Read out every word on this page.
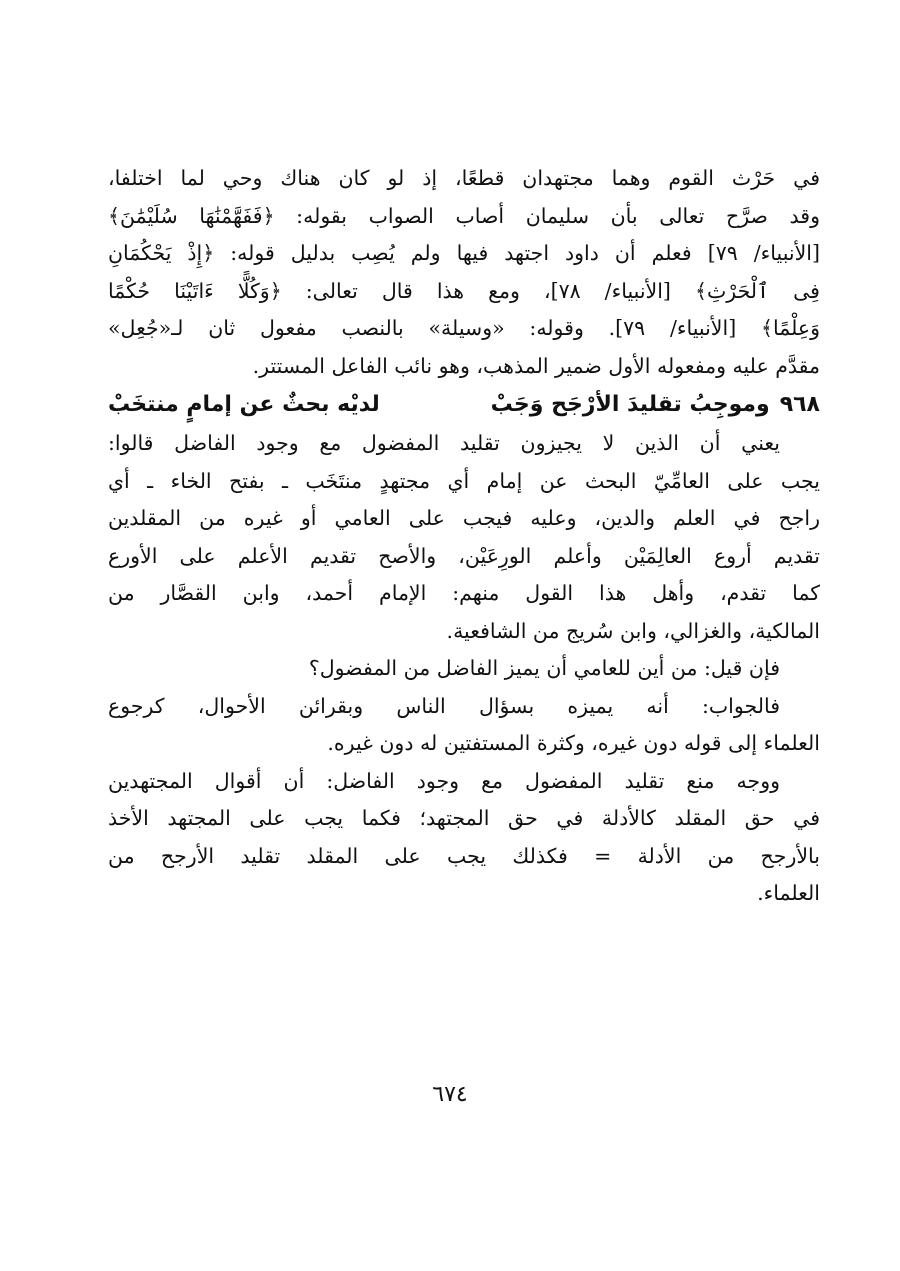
في حَرْث القوم وهما مجتهدان قطعًا، إذ لو كان هناك وحي لما اختلفا،
وقد صرَّح تعالى بأن سليمان أصاب الصواب بقوله: ﴿فَفَهَّمْنَٰهَا سُلَيْمَٰنَ﴾
[الأنبياء/ ٧٩] فعلم أن داود اجتهد فيها ولم يُصِب بدليل قوله: ﴿إِذْ يَحْكُمَانِ
فِى ٱلْحَرْثِ﴾ [الأنبياء/ ٧٨]، ومع هذا قال تعالى: ﴿وَكُلًّا ءَاتَيْنَا حُكْمًا
وَعِلْمًا﴾ [الأنبياء/ ٧٩]. وقوله: «وسيلة» بالنصب مفعول ثان لـ«جُعِل»
مقدَّم عليه ومفعوله الأول ضمير المذهب، وهو نائب الفاعل المستتر.
٩٦٨وموجِبُ تقليدَ الأرْجَح وَجَبْ
لديْه بحثٌ عن إمامٍ منتخَبْ
يعني أن الذين لا يجيزون تقليد المفضول مع وجود الفاضل قالوا:
يجب على العامِّيّ البحث عن إمام أي مجتهدٍ منتَخَب ـ بفتح الخاء ـ أي
راجح في العلم والدين، وعليه فيجب على العامي أو غيره من المقلدين
تقديم أروع العالِمَيْن وأعلم الورِعَيْن، والأصح تقديم الأعلم على الأورع
كما تقدم، وأهل هذا القول منهم: الإمام أحمد، وابن القصَّار من
المالكية، والغزالي، وابن سُريج من الشافعية.
فإن قيل: من أين للعامي أن يميز الفاضل من المفضول؟
فالجواب: أنه يميزه بسؤال الناس وبقرائن الأحوال، كرجوع
العلماء إلى قوله دون غيره، وكثرة المستفتين له دون غيره.
ووجه منع تقليد المفضول مع وجود الفاضل: أن أقوال المجتهدين
في حق المقلد كالأدلة في حق المجتهد؛ فكما يجب على المجتهد الأخذ
بالأرجح من الأدلة = فكذلك يجب على المقلد تقليد الأرجح من
العلماء.
٦٧٤
